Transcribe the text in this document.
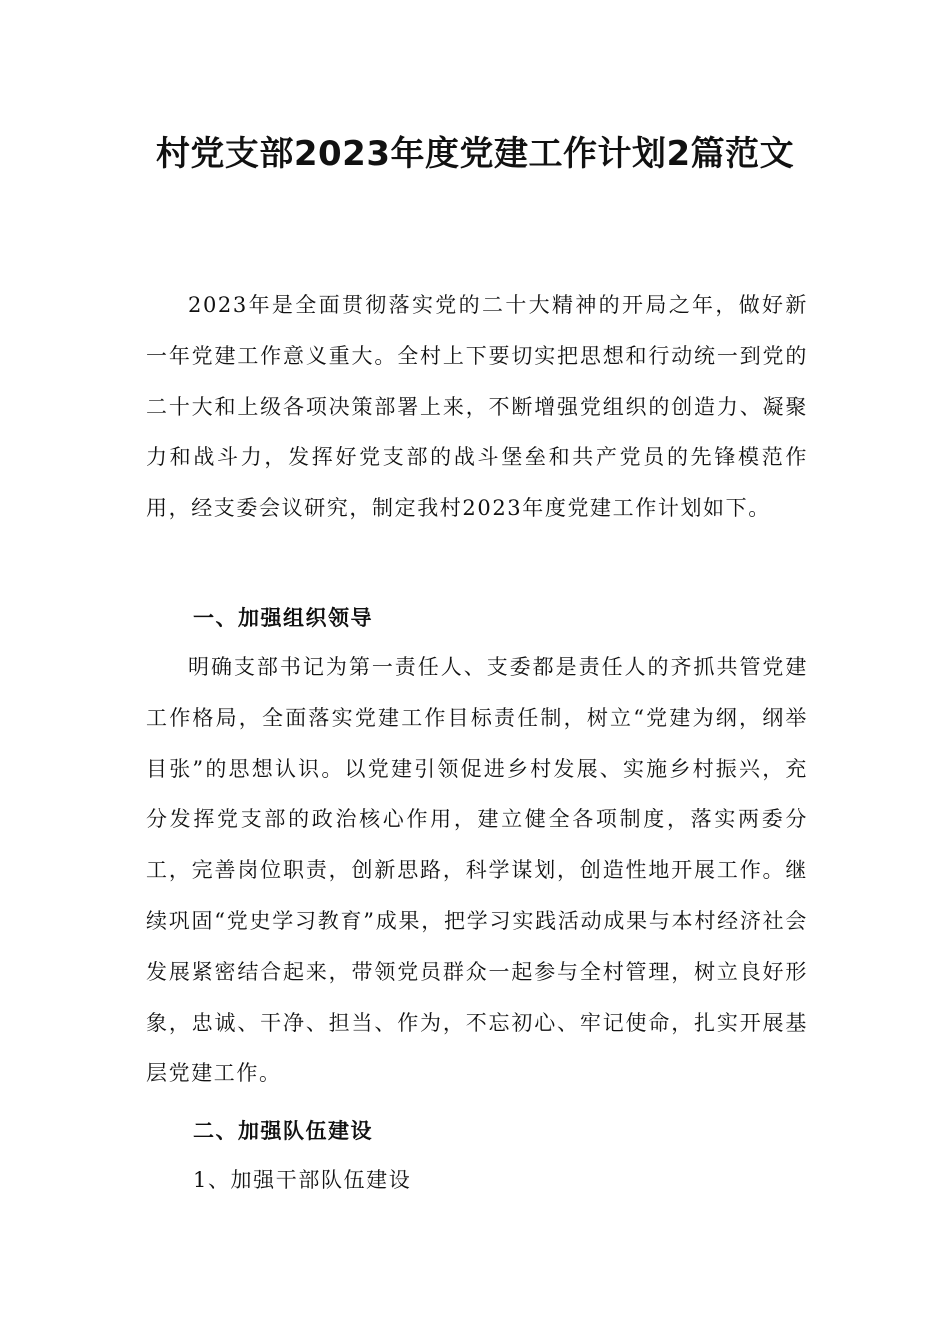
村党支部2023年度党建工作计划2篇范文

2023年是全面贯彻落实党的二十大精神的开局之年，做好新一年党建工作意义重大。全村上下要切实把思想和行动统一到党的二十大和上级各项决策部署上来，不断增强党组织的创造力、凝聚力和战斗力，发挥好党支部的战斗堡垒和共产党员的先锋模范作用，经支委会议研究，制定我村2023年度党建工作计划如下。

一、加强组织领导

明确支部书记为第一责任人、支委都是责任人的齐抓共管党建工作格局，全面落实党建工作目标责任制，树立“党建为纲，纲举目张”的思想认识。以党建引领促进乡村发展、实施乡村振兴，充分发挥党支部的政治核心作用，建立健全各项制度，落实两委分工，完善岗位职责，创新思路，科学谋划，创造性地开展工作。继续巩固“党史学习教育”成果，把学习实践活动成果与本村经济社会发展紧密结合起来，带领党员群众一起参与全村管理，树立良好形象，忠诚、干净、担当、作为，不忘初心、牢记使命，扎实开展基层党建工作。

二、加强队伍建设
1、加强干部队伍建设
